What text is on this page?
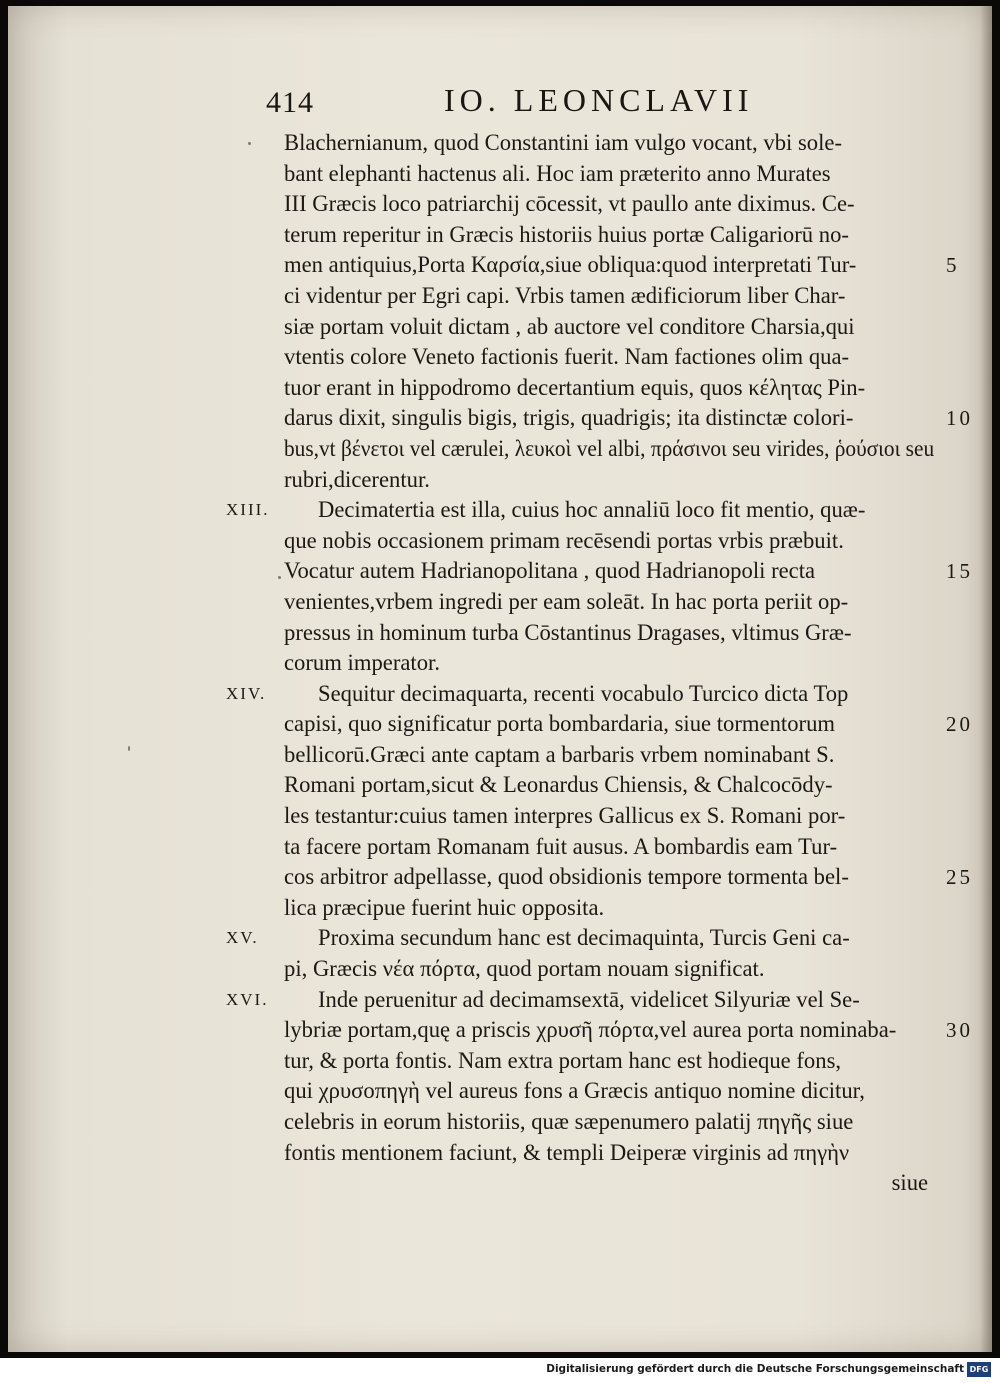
414	IO. LEONCLAVII
Blachernianum, quod Constantini iam vulgo vocant, vbi sole-
bant elephanti hactenus ali. Hoc iam præterito anno Murates
III Græcis loco patriarchij cōcessit, vt paullo ante diximus. Ce-
terum reperitur in Græcis historiis huius portæ Caligariorū no-
men antiquius,Porta Καρσία,siue obliqua:quod interpretati Tur-	5
ci videntur per Egri capi. Vrbis tamen ædificiorum liber Char-
siæ portam voluit dictam , ab auctore vel conditore Charsia,qui
vtentis colore Veneto factionis fuerit. Nam factiones olim qua-
tuor erant in hippodromo decertantium equis, quos κέλητας Pin-
darus dixit, singulis bigis, trigis, quadrigis; ita distinctæ colori-	10
bus,vt βένετοι vel cærulei, λευκοὶ vel albi, πράσινοι seu virides, ῥούσιοι seu
rubri,dicerentur.
XIII. Decimatertia est illa, cuius hoc annaliū loco fit mentio, quæ-
que nobis occasionem primam recēsendi portas vrbis præbuit.
Vocatur autem Hadrianopolitana , quod Hadrianopoli recta	15
venientes,vrbem ingredi per eam soleāt. In hac porta periit op-
pressus in hominum turba Cōstantinus Dragases, vltimus Græ-
corum imperator.
XIV. Sequitur decimaquarta, recenti vocabulo Turcico dicta Top
capisi, quo significatur porta bombardaria, siue tormentorum	20
bellicorū.Græci ante captam a barbaris vrbem nominabant S.
Romani portam,sicut & Leonardus Chiensis, & Chalcocōdy-
les testantur:cuius tamen interpres Gallicus ex S. Romani por-
ta facere portam Romanam fuit ausus. A bombardis eam Tur-
cos arbitror adpellasse, quod obsidionis tempore tormenta bel-	25
lica præcipue fuerint huic opposita.
XV.	Proxima secundum hanc est decimaquinta, Turcis Geni ca-
pi, Græcis νέα πόρτα, quod portam nouam significat.
XVI. Inde peruenitur ad decimamsextā, videlicet Silyuriæ vel Se-
lybriæ portam,quę a priscis χρυσῆ πόρτα,vel aurea porta nominaba-	30
tur, & porta fontis. Nam extra portam hanc est hodieque fons,
qui χρυσοπηγὴ vel aureus fons a Græcis antiquo nomine dicitur,
celebris in eorum historiis, quæ sæpenumero palatij πηγῆς siue
fontis mentionem faciunt, & templi Deiperæ virginis ad πηγὴν
siue
Digitalisierung gefördert durch die Deutsche Forschungsgemeinschaft DFG
